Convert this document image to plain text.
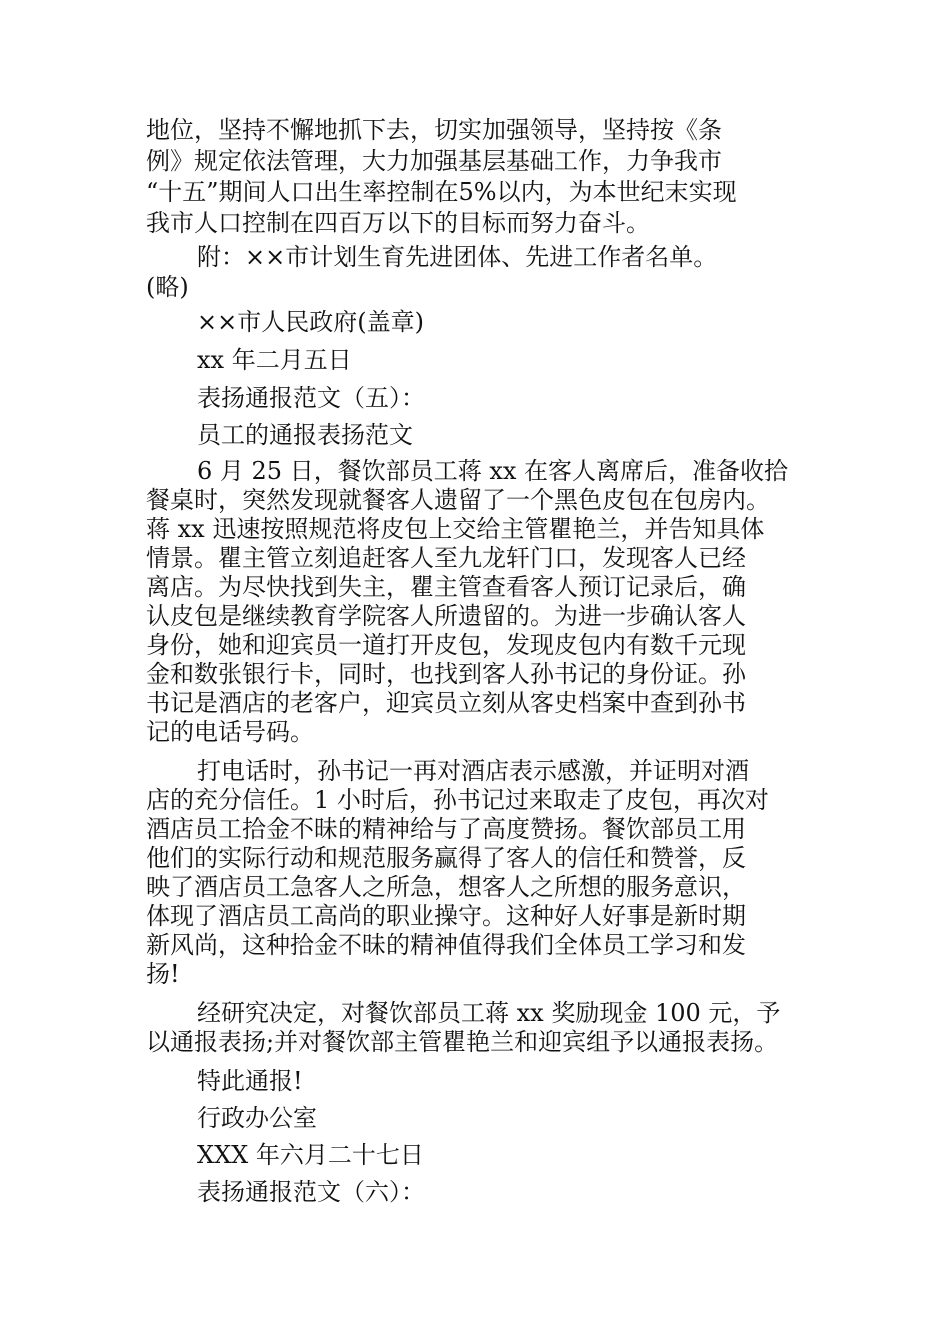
地位，坚持不懈地抓下去，切实加强领导，坚持按《条
例》规定依法管理，大力加强基层基础工作，力争我市
“十五”期间人口出生率控制在5%以内，为本世纪末实现
我市人口控制在四百万以下的目标而努力奋斗。
附：××市计划生育先进团体、先进工作者名单。
(略)
××市人民政府(盖章)
xx 年二月五日
表扬通报范文（五）：
员工的通报表扬范文
6 月 25 日，餐饮部员工蒋 xx 在客人离席后，准备收拾
餐桌时，突然发现就餐客人遗留了一个黑色皮包在包房内。
蒋 xx 迅速按照规范将皮包上交给主管瞿艳兰，并告知具体
情景。瞿主管立刻追赶客人至九龙轩门口，发现客人已经
离店。为尽快找到失主，瞿主管查看客人预订记录后，确
认皮包是继续教育学院客人所遗留的。为进一步确认客人
身份，她和迎宾员一道打开皮包，发现皮包内有数千元现
金和数张银行卡，同时，也找到客人孙书记的身份证。孙
书记是酒店的老客户，迎宾员立刻从客史档案中查到孙书
记的电话号码。
打电话时，孙书记一再对酒店表示感激，并证明对酒
店的充分信任。1 小时后，孙书记过来取走了皮包，再次对
酒店员工拾金不昧的精神给与了高度赞扬。餐饮部员工用
他们的实际行动和规范服务赢得了客人的信任和赞誉，反
映了酒店员工急客人之所急，想客人之所想的服务意识，
体现了酒店员工高尚的职业操守。这种好人好事是新时期
新风尚，这种拾金不昧的精神值得我们全体员工学习和发
扬!
经研究决定，对餐饮部员工蒋 xx 奖励现金 100 元，予
以通报表扬;并对餐饮部主管瞿艳兰和迎宾组予以通报表扬。
特此通报!
行政办公室
XXX 年六月二十七日
表扬通报范文（六）：
